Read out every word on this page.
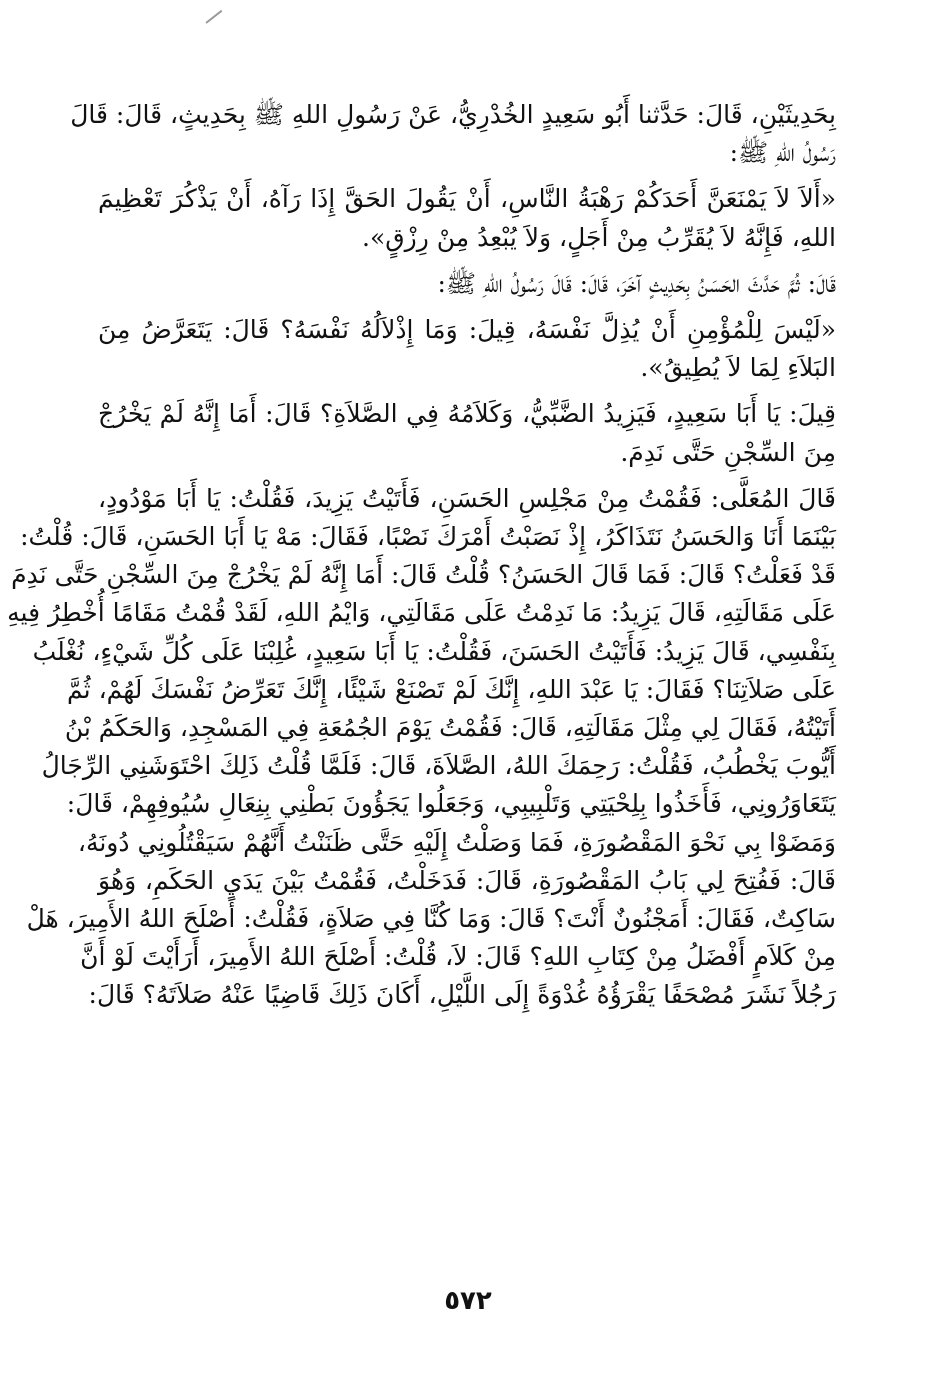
بِحَدِيثَيْنِ، قَالَ: حَدَّثنا أَبُو سَعِيدٍ الخُدْرِيُّ، عَنْ رَسُولِ اللهِ ﷺ بِحَدِيثٍ، قَالَ: قَالَ
رَسُولُ اللهِ ﷺ:
«أَلاَ لاَ يَمْنَعَنَّ أَحَدَكُمْ رَهْبَةُ النَّاسِ، أَنْ يَقُولَ الحَقَّ إِذَا رَآهُ، أَنْ يَذْكُرَ تَعْظِيمَ
اللهِ، فَإِنَّهُ لاَ يُقَرِّبُ مِنْ أَجَلٍ، وَلاَ يُبْعِدُ مِنْ رِزْقٍ».
قَالَ: ثُمَّ حَدَّثَ الحَسَنُ بِحَدِيثٍ آخَرَ، قَالَ: قَالَ رَسُولُ اللهِ ﷺ:
«لَيْسَ لِلْمُؤْمِنِ أَنْ يُذِلَّ نَفْسَهُ، قِيلَ: وَمَا إِذْلاَلُهُ نَفْسَهُ؟ قَالَ: يَتَعَرَّضُ مِنَ
البَلاَءِ لِمَا لاَ يُطِيقُ».
قِيلَ: يَا أَبَا سَعِيدٍ، فَيَزِيدُ الضَّبِّيُّ، وَكَلاَمُهُ فِي الصَّلاَةِ؟ قَالَ: أَمَا إِنَّهُ لَمْ يَخْرُجْ
مِنَ السِّجْنِ حَتَّى نَدِمَ.
قَالَ المُعَلَّى: فَقُمْتُ مِنْ مَجْلِسِ الحَسَنِ، فَأَتَيْتُ يَزِيدَ، فَقُلْتُ: يَا أَبَا مَوْدُودٍ،
بَيْنَمَا أَنَا وَالحَسَنُ نَتَذَاكَرُ، إِذْ نَصَبْتُ أَمْرَكَ نَصْبًا، فَقَالَ: مَهْ يَا أَبَا الحَسَنِ، قَالَ: قُلْتُ:
قَدْ فَعَلْتُ؟ قَالَ: فَمَا قَالَ الحَسَنُ؟ قُلْتُ قَالَ: أَمَا إِنَّهُ لَمْ يَخْرُجْ مِنَ السِّجْنِ حَتَّى نَدِمَ
عَلَى مَقَالَتِهِ، قَالَ يَزِيدُ: مَا نَدِمْتُ عَلَى مَقَالَتِي، وَايْمُ اللهِ، لَقَدْ قُمْتُ مَقَامًا أُخْطِرُ فِيهِ
بِنَفْسِي، قَالَ يَزِيدُ: فَأَتَيْتُ الحَسَنَ، فَقُلْتُ: يَا أَبَا سَعِيدٍ، غُلِبْنَا عَلَى كُلِّ شَيْءٍ، نُغْلَبُ
عَلَى صَلاَتِنَا؟ فَقَالَ: يَا عَبْدَ اللهِ، إِنَّكَ لَمْ تَصْنَعْ شَيْئًا، إِنَّكَ تَعَرِّضُ نَفْسَكَ لَهُمْ، ثُمَّ
أَتَيْتُهُ، فَقَالَ لِي مِثْلَ مَقَالَتِهِ، قَالَ: فَقُمْتُ يَوْمَ الجُمُعَةِ فِي المَسْجِدِ، وَالحَكَمُ بْنُ
أَيُّوبَ يَخْطُبُ، فَقُلْتُ: رَحِمَكَ اللهُ، الصَّلاَةَ، قَالَ: فَلَمَّا قُلْتُ ذَلِكَ احْتَوَشَنِي الرِّجَالُ
يَتَعَاوَرُونِي، فَأَخَذُوا بِلِحْيَتِي وَتَلْبِيبِي، وَجَعَلُوا يَجَؤُونَ بَطْنِي بِنِعَالِ سُيُوفِهِمْ، قَالَ:
وَمَضَوْا بِي نَحْوَ المَقْصُورَةِ، فَمَا وَصَلْتُ إِلَيْهِ حَتَّى ظَنَنْتُ أَنَّهُمْ سَيَقْتُلُونِي دُونَهُ،
قَالَ: فَفُتِحَ لِي بَابُ المَقْصُورَةِ، قَالَ: فَدَخَلْتُ، فَقُمْتُ بَيْنَ يَدَيِ الحَكَمِ، وَهُوَ
سَاكِتٌ، فَقَالَ: أَمَجْنُونٌ أَنْتَ؟ قَالَ: وَمَا كُنَّا فِي صَلاَةٍ، فَقُلْتُ: أَصْلَحَ اللهُ الأَمِيرَ، هَلْ
مِنْ كَلاَمٍ أَفْضَلُ مِنْ كِتَابِ اللهِ؟ قَالَ: لاَ، قُلْتُ: أَصْلَحَ اللهُ الأَمِيرَ، أَرَأَيْتَ لَوْ أَنَّ
رَجُلاً نَشَرَ مُصْحَفًا يَقْرَؤُهُ غُدْوَةً إِلَى اللَّيْلِ، أَكَانَ ذَلِكَ قَاضِيًا عَنْهُ صَلاَتَهُ؟ قَالَ:
٥٧٢
